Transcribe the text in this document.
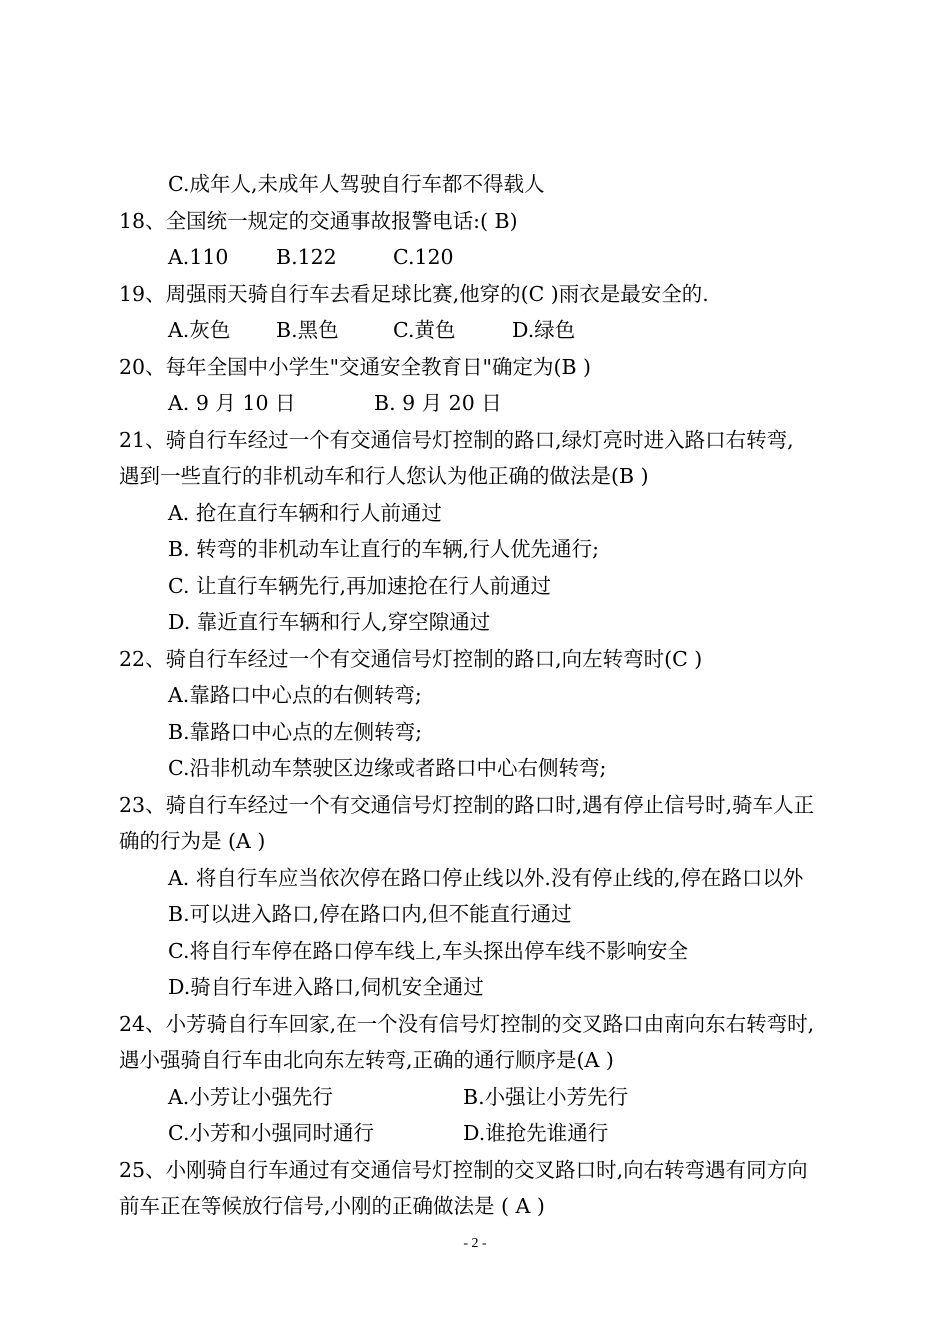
C.成年人,未成年人驾驶自行车都不得载人
18、全国统一规定的交通事故报警电话:( B)
A.110 B.122	C.120
19、周强雨天骑自行车去看足球比赛,他穿的(C )雨衣是最安全的.
A.灰色 B.黑色	C.黄色	D.绿色
20、每年全国中小学生"交通安全教育日"确定为(B )
A. 9 月 10 日	B. 9 月 20 日
21、骑自行车经过一个有交通信号灯控制的路口,绿灯亮时进入路口右转弯,
遇到一些直行的非机动车和行人您认为他正确的做法是(B )
A. 抢在直行车辆和行人前通过
B. 转弯的非机动车让直行的车辆,行人优先通行;
C. 让直行车辆先行,再加速抢在行人前通过
D. 靠近直行车辆和行人,穿空隙通过
22、骑自行车经过一个有交通信号灯控制的路口,向左转弯时(C )
A.靠路口中心点的右侧转弯;
B.靠路口中心点的左侧转弯;
C.沿非机动车禁驶区边缘或者路口中心右侧转弯;
23、骑自行车经过一个有交通信号灯控制的路口时,遇有停止信号时,骑车人正
确的行为是 (A )
A. 将自行车应当依次停在路口停止线以外.没有停止线的,停在路口以外
B.可以进入路口,停在路口内,但不能直行通过
C.将自行车停在路口停车线上,车头探出停车线不影响安全
D.骑自行车进入路口,伺机安全通过
24、小芳骑自行车回家,在一个没有信号灯控制的交叉路口由南向东右转弯时,
遇小强骑自行车由北向东左转弯,正确的通行顺序是(A )
A.小芳让小强先行	B.小强让小芳先行
C.小芳和小强同时通行	D.谁抢先谁通行
25、小刚骑自行车通过有交通信号灯控制的交叉路口时,向右转弯遇有同方向
前车正在等候放行信号,小刚的正确做法是 ( A )
- 2 -
